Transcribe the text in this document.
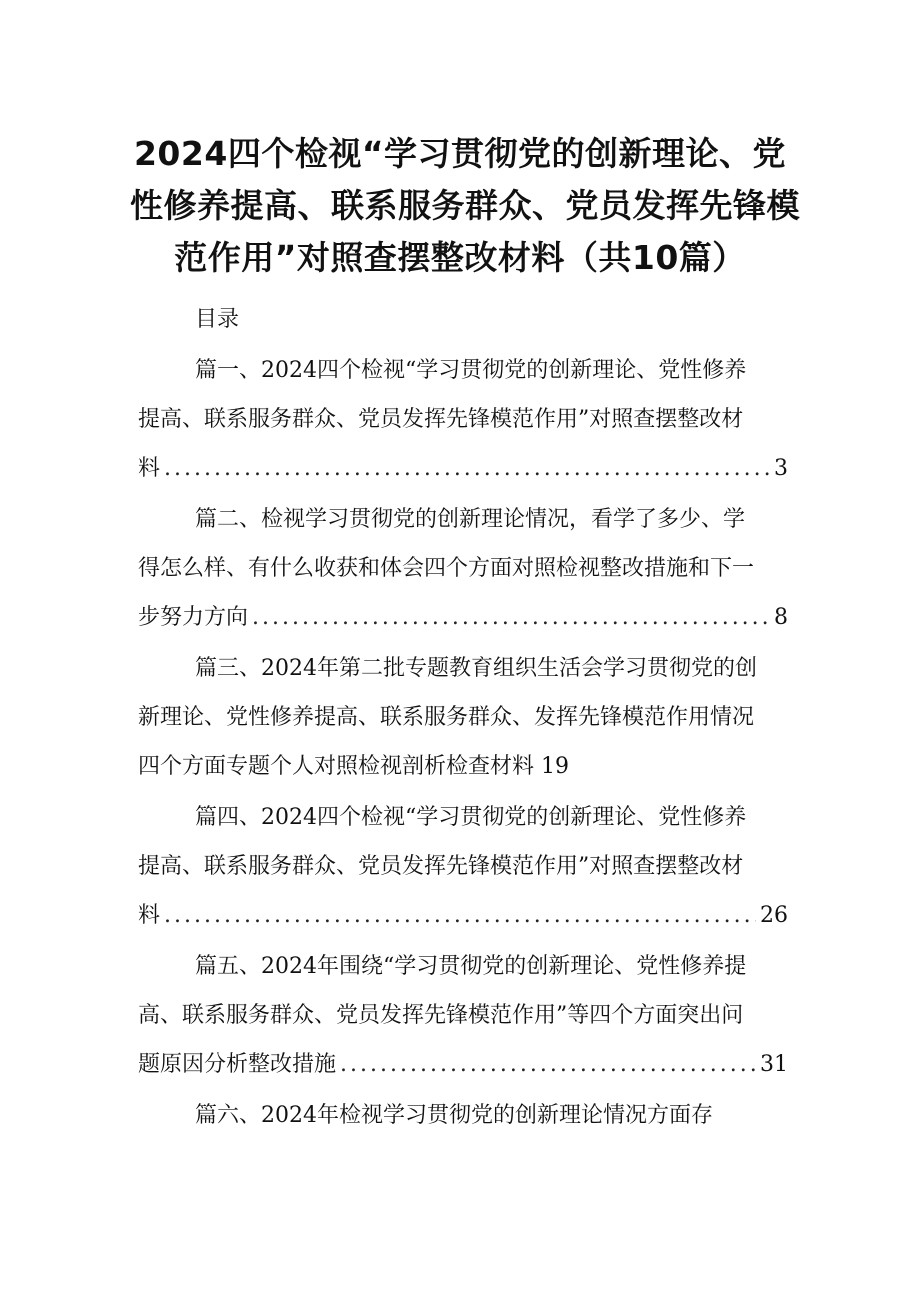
2024四个检视“学习贯彻党的创新理论、党
性修养提高、联系服务群众、党员发挥先锋模
范作用”对照查摆整改材料（共10篇）
目录
篇一、2024四个检视“学习贯彻党的创新理论、党性修养
提高、联系服务群众、党员发挥先锋模范作用”对照查摆整改材
料 .....	3
篇二、检视学习贯彻党的创新理论情况，看学了多少、学
得怎么样、有什么收获和体会四个方面对照检视整改措施和下一
步努力方向 .....	8
篇三、2024年第二批专题教育组织生活会学习贯彻党的创
新理论、党性修养提高、联系服务群众、发挥先锋模范作用情况
四个方面专题个人对照检视剖析检查材料 19
篇四、2024四个检视“学习贯彻党的创新理论、党性修养
提高、联系服务群众、党员发挥先锋模范作用”对照查摆整改材
料 .....	26
篇五、2024年围绕“学习贯彻党的创新理论、党性修养提
高、联系服务群众、党员发挥先锋模范作用”等四个方面突出问
题原因分析整改措施 .....	31
篇六、2024年检视学习贯彻党的创新理论情况方面存
